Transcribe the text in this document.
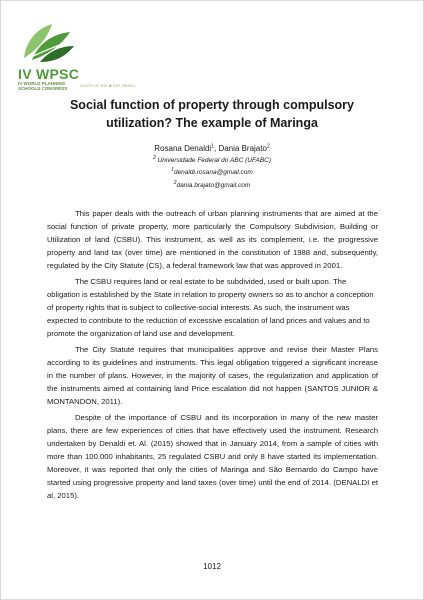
IV WPSC
IV WORLD PLANNING
SCHOOLS CONGRESS	SOUTH OF RIO ✱ RIO, BRAZIL
Social function of property through compulsory
utilization? The example of Maringa
Rosana Denaldi$^1$, Dania Brajato$^2$
$^2$ Universidade Federal do ABC (UFABC)
$^1$denaldi.rosana@gmail.com
$^2$dania.brajato@gmail.com

This paper deals with the outreach of urban planning instruments that are aimed at the social function of private property, more particularly the Compulsory Subdivision, Building or Utilization of land (CSBU). This instrument, as well as its complement, i.e. the progressive property and land tax (over time) are mentioned in the constitution of 1988 and, subsequently, regulated by the City Statute (CS), a federal framework law that was approved in 2001.

The CSBU requires land or real estate to be subdivided, used or built upon. The obligation is established by the State in relation to property owners so as to anchor a conception of property rights that is subject to collective-social interests. As such, the instrument was expected to contribute to the reduction of excessive escalation of land prices and values and to promote the organization of land use and development.

The City Statute requires that municipalities approve and revise their Master Plans according to its guidelines and instruments. This legal obligation triggered a significant increase in the number of plans. However, in the majority of cases, the regularization and application of the instruments aimed at containing land Price escalation did not happen (SANTOS JUNIOR & MONTANDON, 2011).

Despite of the importance of CSBU and its incorporation in many of the new master plans, there are few experiences of cities that have effectively used the instrument. Research undertaken by Denaldi et. Al. (2015) showed that in January 2014, from a sample of cities with more than 100.000 inhabitants, 25 regulated CSBU and only 8 have started its implementation. Moreover, it was reported that only the cities of Maringa and São Bernardo do Campo have started using progressive property and land taxes (over time) until the end of 2014. (DENALDI et al, 2015).

1012
